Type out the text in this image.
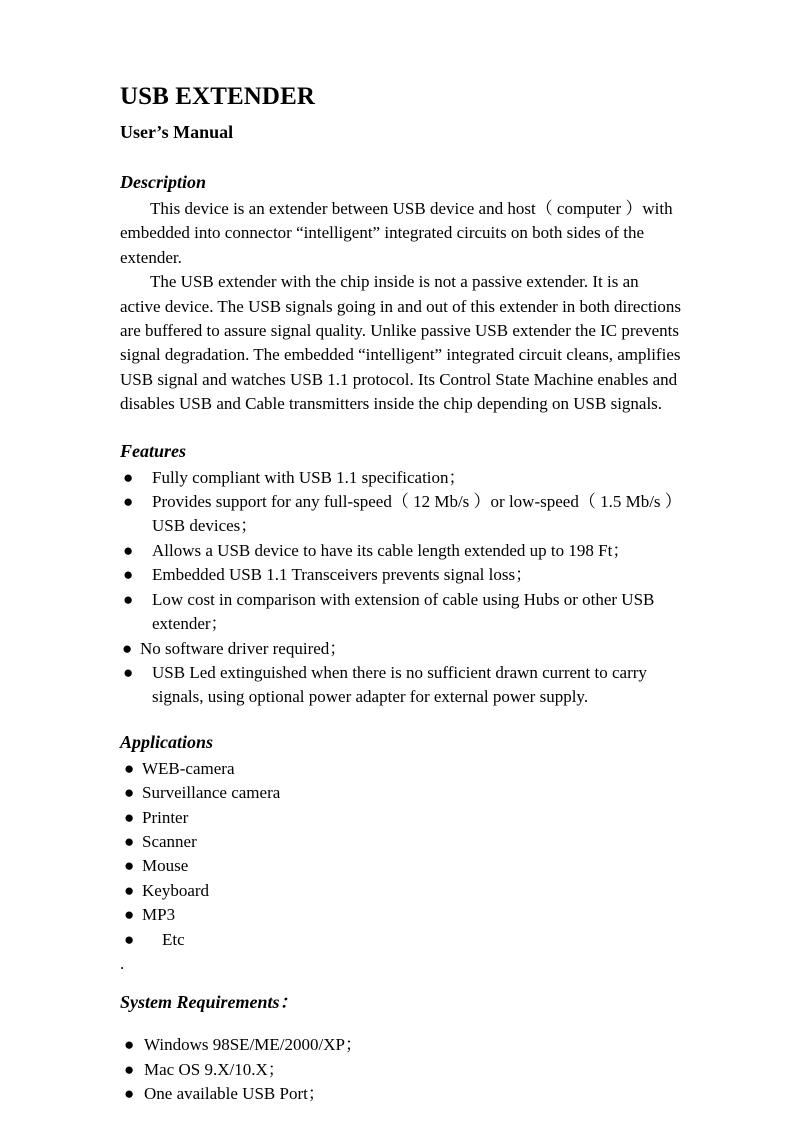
USB EXTENDER
User’s Manual
Description

This device is an extender between USB device and host（ computer ）with embedded into connector “intelligent” integrated circuits on both sides of the extender.

The USB extender with the chip inside is not a passive extender. It is an active device. The USB signals going in and out of this extender in both directions are buffered to assure signal quality. Unlike passive USB extender the IC prevents signal degradation. The embedded “intelligent” integrated circuit cleans, amplifies USB signal and watches USB 1.1 protocol. Its Control State Machine enables and disables USB and Cable transmitters inside the chip depending on USB signals.

Features
● Fully compliant with USB 1.1 specification；
● Provides support for any full-speed（ 12 Mb/s ）or low-speed（ 1.5 Mb/s ）USB devices；
● Allows a USB device to have its cable length extended up to 198 Ft；
● Embedded USB 1.1 Transceivers prevents signal loss；
● Low cost in comparison with extension of cable using Hubs or other USB extender；
● No software driver required；
● USB Led extinguished when there is no sufficient drawn current to carry signals, using optional power adapter for external power supply.
Applications
● WEB-camera
● Surveillance camera
● Printer
● Scanner
● Mouse
● Keyboard
● MP3
● Etc

.

System Requirements：
● Windows 98SE/ME/2000/XP；
● Mac OS 9.X/10.X；
● One available USB Port；
